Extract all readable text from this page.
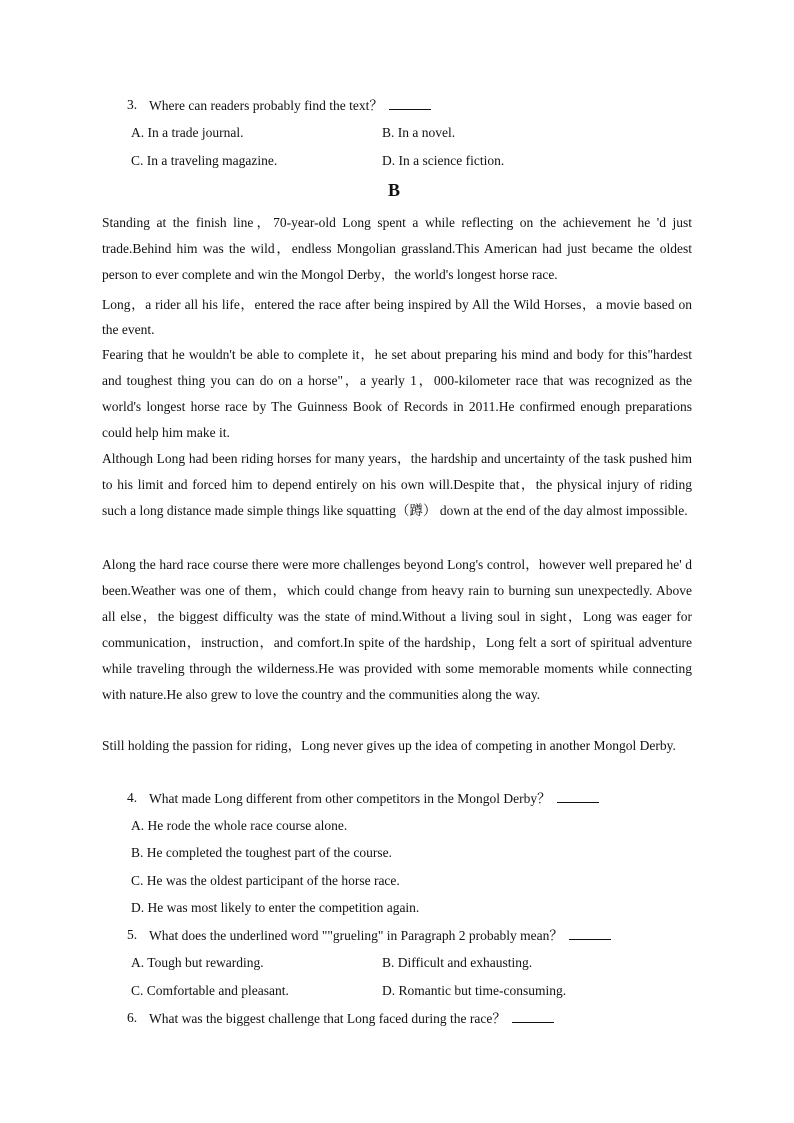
3. Where can readers probably find the text？
A. In a trade journal.	B. In a novel.
C. In a traveling magazine.	D. In a science fiction.
B
Standing at the finish line，70-year-old Long spent a while reflecting on the achievement he 'd just trade.Behind him was the wild，endless Mongolian grassland.This American had just became the oldest person to ever complete and win the Mongol Derby，the world's longest horse race.
Long，a rider all his life，entered the race after being inspired by All the Wild Horses，a movie based on the event.
Fearing that he wouldn't be able to complete it，he set about preparing his mind and body for this"hardest and toughest thing you can do on a horse"，a yearly 1，000-kilometer race that was recognized as the world's longest horse race by The Guinness Book of Records in 2011.He confirmed enough preparations could help him make it.
Although Long had been riding horses for many years，the hardship and uncertainty of the task pushed him to his limit and forced him to depend entirely on his own will.Despite that，the physical injury of riding such a long distance made simple things like squatting（蹲） down at the end of the day almost impossible.
Along the hard race course there were more challenges beyond Long's control，however well prepared he' d been.Weather was one of them，which could change from heavy rain to burning sun unexpectedly. Above all else，the biggest difficulty was the state of mind.Without a living soul in sight，Long was eager for communication，instruction，and comfort.In spite of the hardship，Long felt a sort of spiritual adventure while traveling through the wilderness.He was provided with some memorable moments while connecting with nature.He also grew to love the country and the communities along the way.
Still holding the passion for riding，Long never gives up the idea of competing in another Mongol Derby.
4. What made Long different from other competitors in the Mongol Derby？
A. He rode the whole race course alone.
B. He completed the toughest part of the course.
C. He was the oldest participant of the horse race.
D. He was most likely to enter the competition again.
5. What does the underlined word ""grueling" in Paragraph 2 probably mean？
A. Tough but rewarding.	B. Difficult and exhausting.
C. Comfortable and pleasant.	D. Romantic but time-consuming.
6. What was the biggest challenge that Long faced during the race？
